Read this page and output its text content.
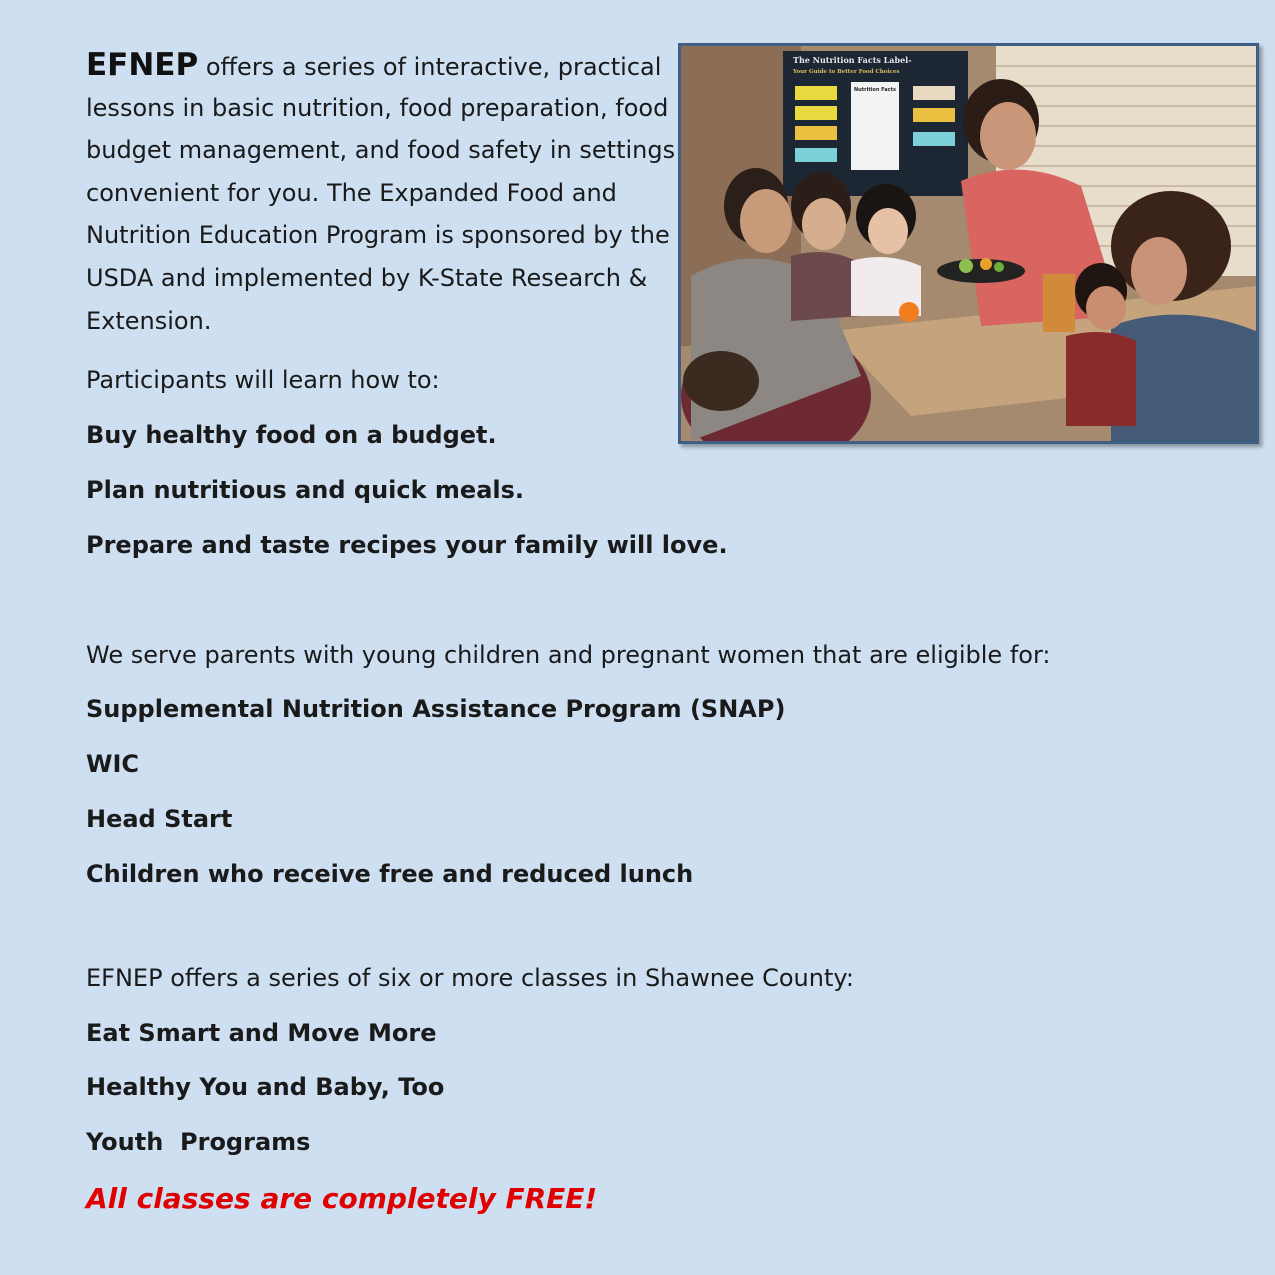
EFNEP offers a series of interactive, practical
lessons in basic nutrition, food preparation, food
budget management, and food safety in settings
convenient for you. The Expanded Food and
Nutrition Education Program is sponsored by the
USDA and implemented by K-State Research &
Extension.
Participants will learn how to:
Buy healthy food on a budget.
Plan nutritious and quick meals.
Prepare and taste recipes your family will love.
We serve parents with young children and pregnant women that are eligible for:
Supplemental Nutrition Assistance Program (SNAP)
WIC
Head Start
Children who receive free and reduced lunch
EFNEP offers a series of six or more classes in Shawnee County:
Eat Smart and Move More
Healthy You and Baby, Too
Youth  Programs
All classes are completely FREE!
The Nutrition Facts Label-
Your Guide to Better Food Choices
Nutrition Facts
